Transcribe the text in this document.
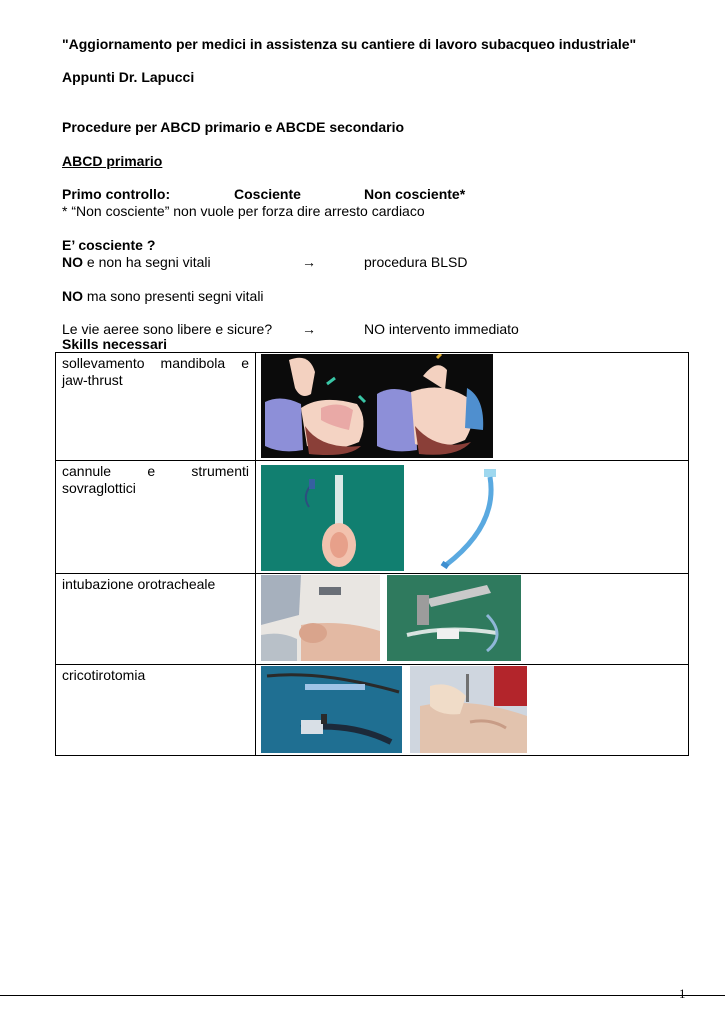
"Aggiornamento per medici in assistenza su cantiere di lavoro subacqueo industriale"
Appunti Dr. Lapucci
Procedure per ABCD primario e ABCDE secondario
ABCD primario
Primo controllo:	Cosciente	Non cosciente*
* “Non cosciente” non vuole per forza dire arresto cardiaco
E’ cosciente ?
NO e non ha segni vitali	→	procedura BLSD
NO ma sono presenti segni vitali
Le vie aeree sono libere e sicure? →	NO intervento immediato
Skills necessari
sollevamento mandibola e jaw-thrust	

cannule e strumenti sovraglottici	

intubazione orotracheale	

cricotirotomia	
1
